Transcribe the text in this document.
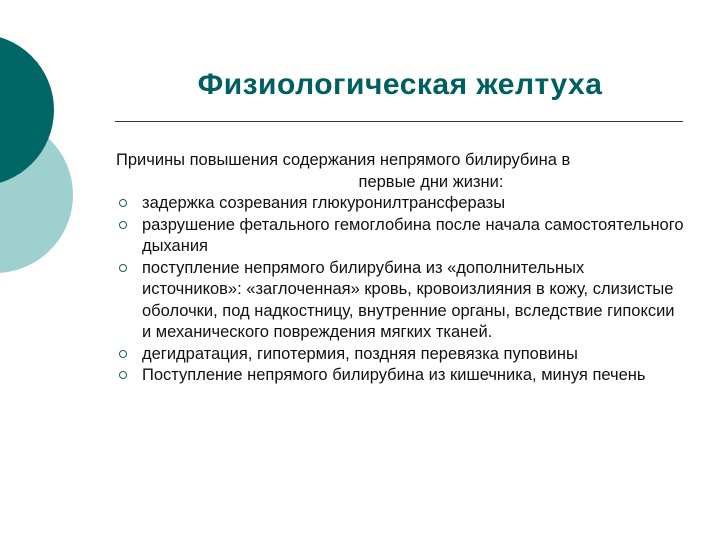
Физиологическая желтуха

Причины повышения содержания непрямого билирубина в
первые дни жизни:

задержка созревания глюкуронилтрансферазы
разрушение фетального гемоглобина после начала самостоятельного дыхания
поступление непрямого билирубина из «дополнительных источников»: «заглоченная» кровь, кровоизлияния в кожу, слизистые оболочки, под надкостницу, внутренние органы, вследствие гипоксии и механического повреждения мягких тканей.
дегидратация, гипотермия, поздняя перевязка пуповины
Поступление непрямого билирубина из кишечника, минуя печень
